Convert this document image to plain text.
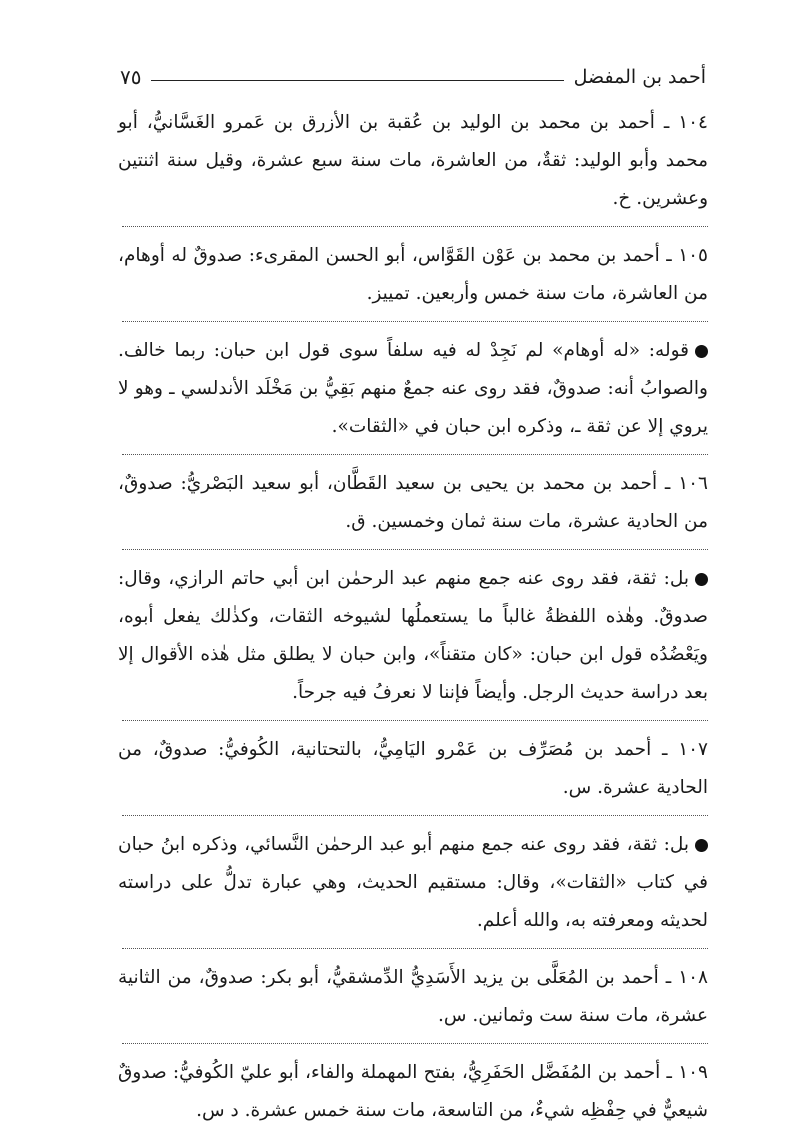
أحمد بن المفضل
٧٥

١٠٤ ـ أحمد بن محمد بن الوليد بن عُقبة بن الأزرق بن عَمرو الغَسَّانيُّ، أبو محمد وأبو الوليد: ثقةٌ، من العاشرة، مات سنة سبع عشرة، وقيل سنة اثنتين وعشرين. خ.

١٠٥ ـ أحمد بن محمد بن عَوْن القَوَّاس، أبو الحسن المقرىء: صدوقٌ له أوهام، من العاشرة، مات سنة خمس وأربعين. تمييز.

قوله: «له أوهام» لم نَجِدْ له فيه سلفاً سوى قول ابن حبان: ربما خالف. والصوابُ أنه: صدوقٌ، فقد روى عنه جمعٌ منهم بَقِيُّ بن مَخْلَد الأندلسي ـ وهو لا يروي إلا عن ثقة ـ، وذكره ابن حبان في «الثقات».

١٠٦ ـ أحمد بن محمد بن يحيى بن سعيد القَطَّان، أبو سعيد البَصْريُّ: صدوقٌ، من الحادية عشرة، مات سنة ثمان وخمسين. ق.

بل: ثقة، فقد روى عنه جمع منهم عبد الرحمٰن ابن أبي حاتم الرازي، وقال: صدوقٌ. وهٰذه اللفظةُ غالباً ما يستعملُها لشيوخه الثقات، وكذٰلك يفعل أبوه، ويَعْضُدُه قول ابن حبان: «كان متقناً»، وابن حبان لا يطلق مثل هٰذه الأقوال إلا بعد دراسة حديث الرجل. وأيضاً فإننا لا نعرفُ فيه جرحاً.

١٠٧ ـ أحمد بن مُصَرِّف بن عَمْرو اليَامِيُّ، بالتحتانية، الكُوفيُّ: صدوقٌ، من الحادية عشرة. س.

بل: ثقة، فقد روى عنه جمع منهم أبو عبد الرحمٰن النَّسائي، وذكره ابنُ حبان في كتاب «الثقات»، وقال: مستقيم الحديث، وهي عبارة تدلُّ على دراسته لحديثه ومعرفته به، والله أعلم.

١٠٨ ـ أحمد بن المُعَلَّى بن يزيد الأَسَدِيُّ الدِّمشقيُّ، أبو بكر: صدوقٌ، من الثانية عشرة، مات سنة ست وثمانين. س.

١٠٩ ـ أحمد بن المُفَضَّل الحَفَرِيُّ، بفتح المهملة والفاء، أبو عليّ الكُوفيُّ: صدوقٌ شيعيٌّ في حِفْظِه شيءٌ، من التاسعة، مات سنة خمس عشرة. د س.
